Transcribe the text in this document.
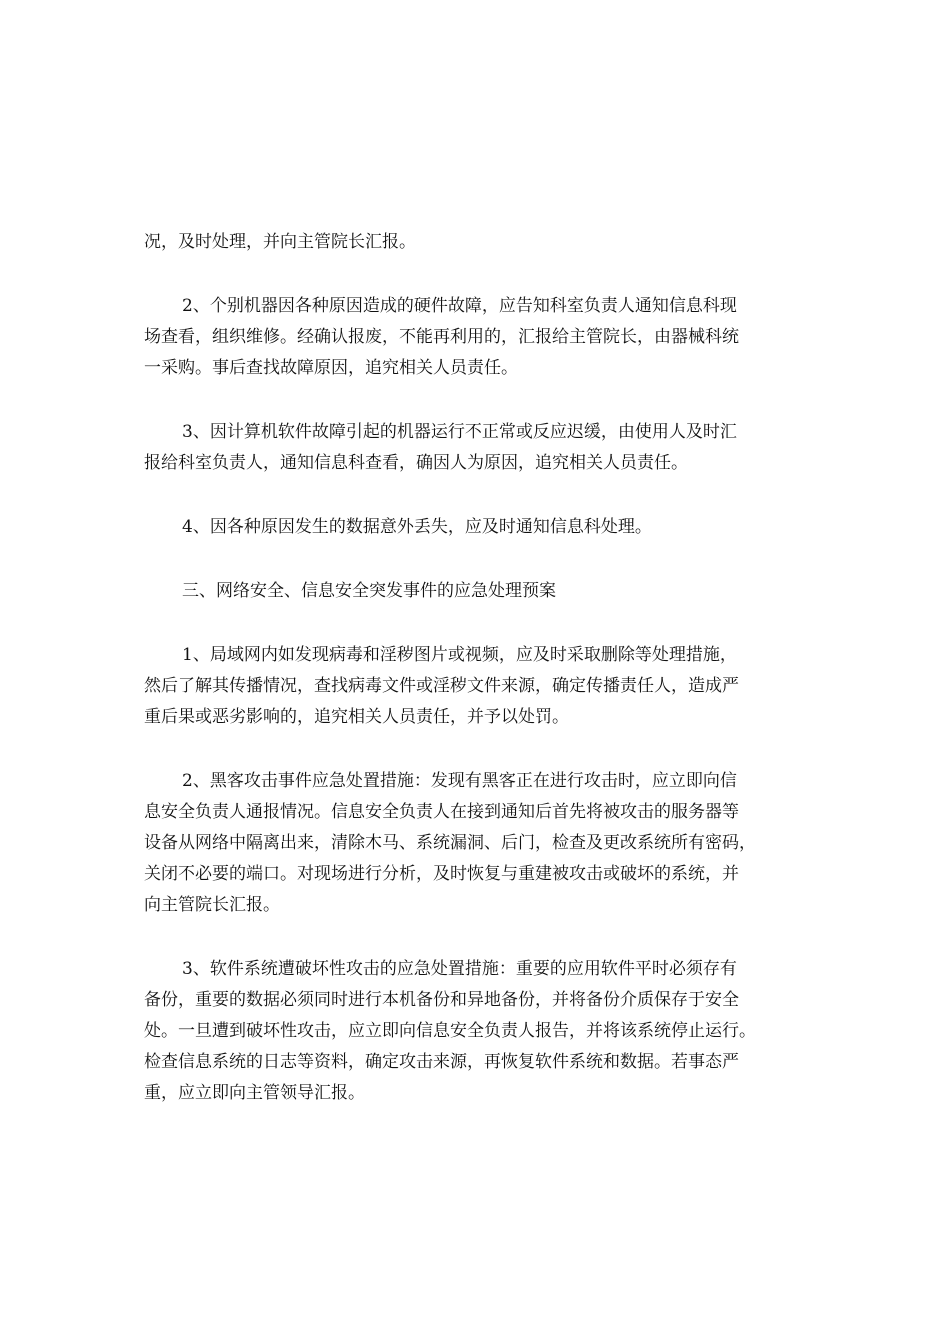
况，及时处理，并向主管院长汇报。

2、个别机器因各种原因造成的硬件故障，应告知科室负责人通知信息科现
场查看，组织维修。经确认报废，不能再利用的，汇报给主管院长，由器械科统
一采购。事后查找故障原因，追究相关人员责任。

3、因计算机软件故障引起的机器运行不正常或反应迟缓，由使用人及时汇
报给科室负责人，通知信息科查看，确因人为原因，追究相关人员责任。

4、因各种原因发生的数据意外丢失，应及时通知信息科处理。

三、网络安全、信息安全突发事件的应急处理预案

1、局域网内如发现病毒和淫秽图片或视频，应及时采取删除等处理措施，
然后了解其传播情况，查找病毒文件或淫秽文件来源，确定传播责任人，造成严
重后果或恶劣影响的，追究相关人员责任，并予以处罚。

2、黑客攻击事件应急处置措施：发现有黑客正在进行攻击时，应立即向信
息安全负责人通报情况。信息安全负责人在接到通知后首先将被攻击的服务器等
设备从网络中隔离出来，清除木马、系统漏洞、后门，检查及更改系统所有密码，
关闭不必要的端口。对现场进行分析，及时恢复与重建被攻击或破坏的系统，并
向主管院长汇报。

3、软件系统遭破坏性攻击的应急处置措施：重要的应用软件平时必须存有
备份，重要的数据必须同时进行本机备份和异地备份，并将备份介质保存于安全
处。一旦遭到破坏性攻击，应立即向信息安全负责人报告，并将该系统停止运行。
检查信息系统的日志等资料，确定攻击来源，再恢复软件系统和数据。若事态严
重，应立即向主管领导汇报。
